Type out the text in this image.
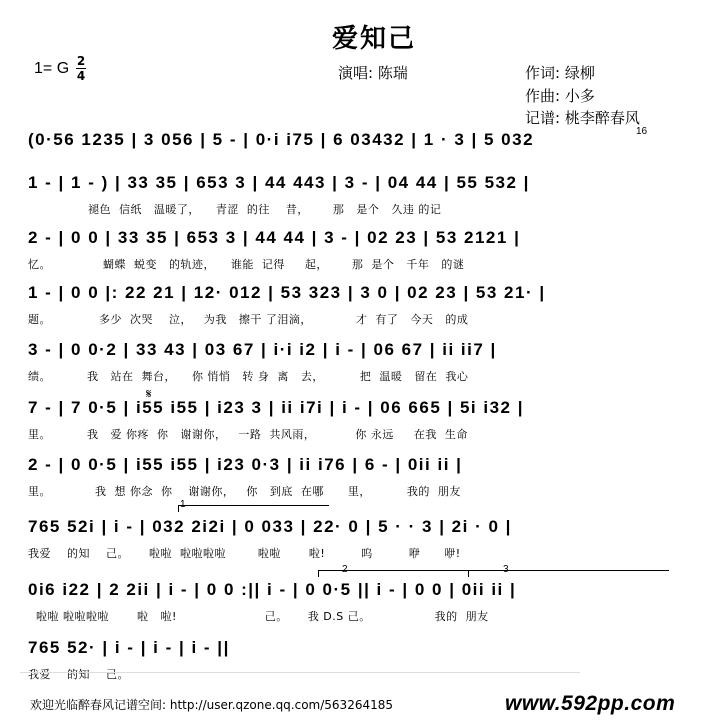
爱知己
1= G 2
4	演唱: 陈瑞	作词: 绿柳
作曲: 小多
记谱: 桃李醉春风
(0·56 1235 | 3 056 | 5 - | 0·i i75 | 6 03432 | 1 · 3 | 5 032	16
1 - | 1 - ) | 33 35 | 653 3 | 44 443 | 3 - | 04 44 | 55 532 |
褪色  信纸   温暖了，    青涩  的往    昔，      那   是个   久违 的记
2 - | 0 0 | 33 35 | 653 3 | 44 44 | 3 - | 02 23 | 53 2121 |
忆。             蝴蝶  蜕变   的轨迹，    谁能  记得     起，      那  是个   千年   的谜
1 - | 0 0 |: 22 21 | 12· 012 | 53 323 | 3 0 | 02 23 | 53 21· |
题。            多少  次哭    泣，   为我   擦干 了泪滴，           才  有了   今天   的成
3 - | 0 0·2 | 33 43 | 03 67 | i·i i2 | i - | 06 67 | ii ii7 |
绩。         我   站在  舞台，    你 悄悄   转 身  离   去，         把  温暖   留在  我心
𝄋
7 - | 7 0·5 | i55 i55 | i23 3 | ii i7i | i - | 06 665 | 5i i32 |
里。         我   爱 你疼  你   谢谢你，   一路  共风雨，          你 永远     在我  生命
2 - | 0 0·5 | i55 i55 | i23 0·3 | ii i76 | 6 - | 0ii ii |
里。           我  想 你念  你    谢谢你，   你   到底  在哪      里，         我的  朋友
1
765 52i | i - | 032 2i2i | 0 033 | 22· 0 | 5 · · 3 | 2i · 0 |
我爱    的知    己。     啦啦  啦啦啦啦        啦啦       啦!         呜         咿      咿!
2	3
0i6 i22 | 2 2ii | i - | 0 0 :|| i - | 0 0·5 || i - | 0 0 | 0ii ii |
啦啦 啦啦啦啦       啦   啦!                      己。     我 D.S 己。                我的  朋友
765 52· | i - | i - | i - ||
我爱    的知    己。
欢迎光临醉春风记谱空间: http://user.qzone.qq.com/563264185	www.592pp.com
